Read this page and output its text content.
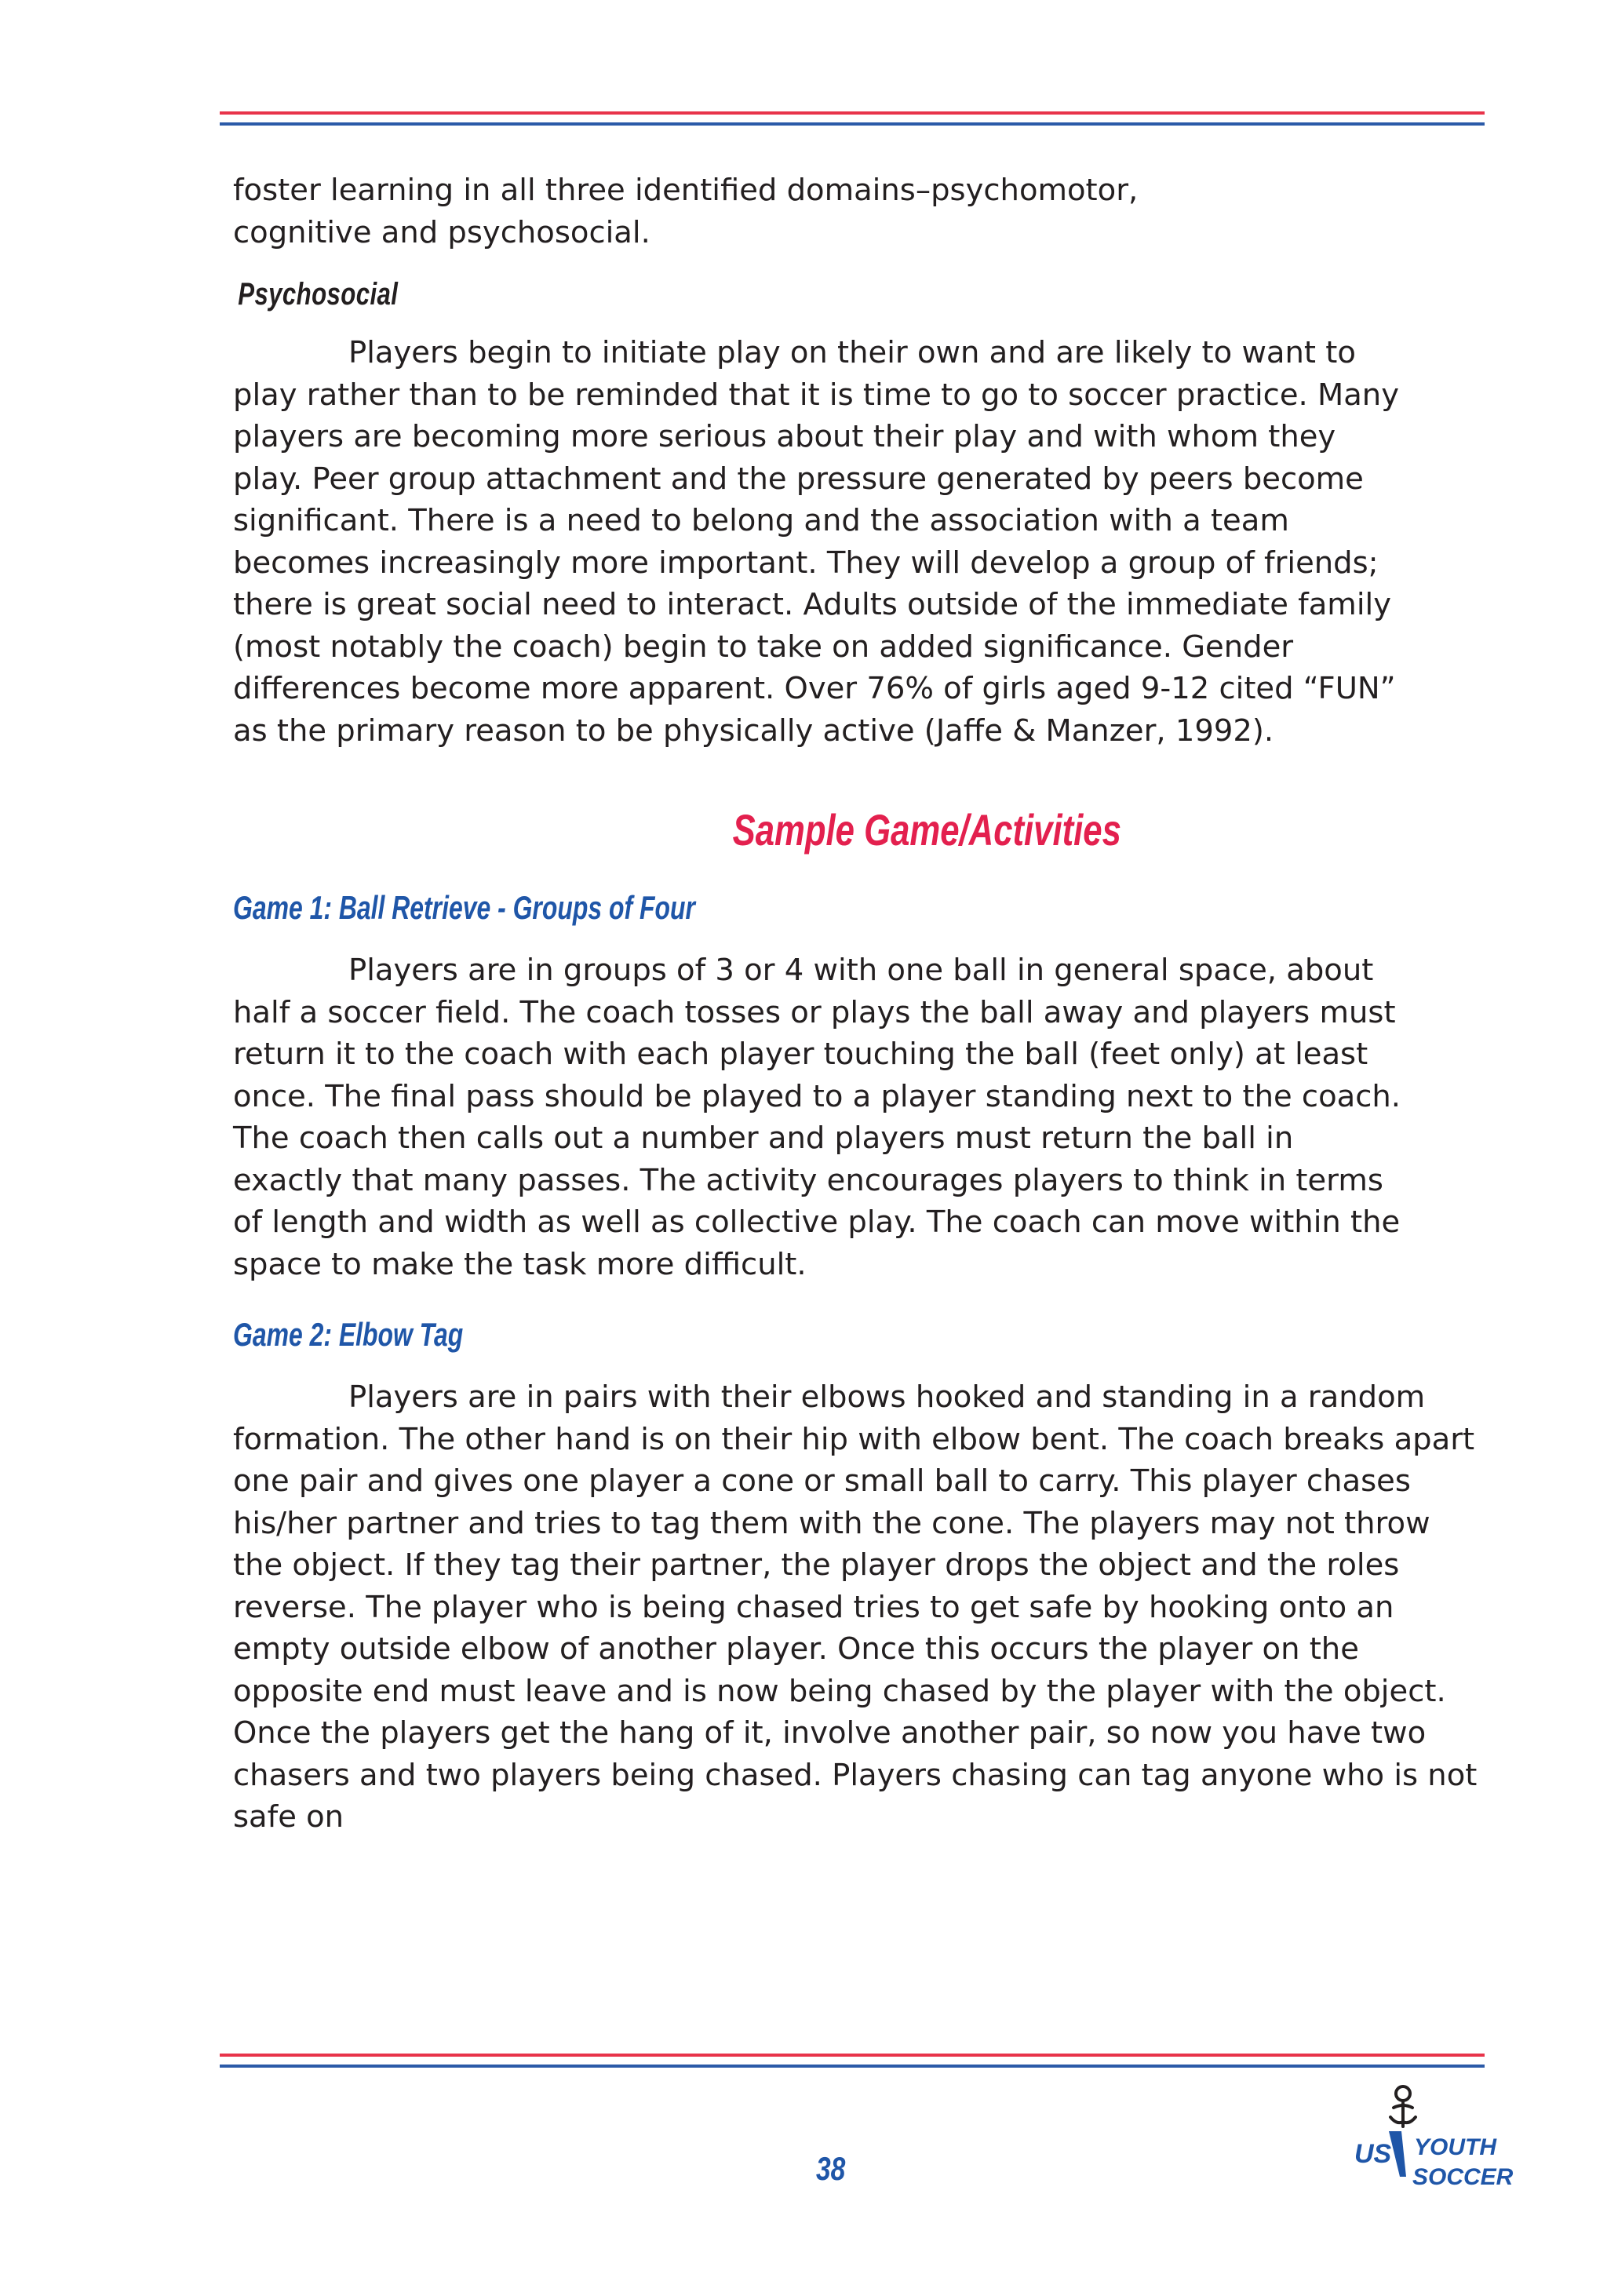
foster learning in all three identified domains–psychomotor, cognitive and psychosocial.

Psychosocial

Players begin to initiate play on their own and are likely to want to play rather than to be reminded that it is time to go to soccer practice. Many players are becoming more serious about their play and with whom they play. Peer group attachment and the pressure generated by peers become significant. There is a need to belong and the association with a team becomes increasingly more important. They will develop a group of friends; there is great social need to interact. Adults outside of the immediate family (most notably the coach) begin to take on added significance. Gender differences become more apparent. Over 76% of girls aged 9-12 cited “FUN” as the primary reason to be physically active (Jaffe & Manzer, 1992).

Sample Game/Activities
Game 1: Ball Retrieve - Groups of Four

Players are in groups of 3 or 4 with one ball in general space, about half a soccer field. The coach tosses or plays the ball away and players must return it to the coach with each player touching the ball (feet only) at least once. The final pass should be played to a player standing next to the coach. The coach then calls out a number and players must return the ball in exactly that many passes. The activity encourages players to think in terms of length and width as well as collective play. The coach can move within the space to make the task more difficult.

Game 2: Elbow Tag

Players are in pairs with their elbows hooked and standing in a random formation. The other hand is on their hip with elbow bent. The coach breaks apart one pair and gives one player a cone or small ball to carry. This player chases his/her partner and tries to tag them with the cone. The players may not throw the object. If they tag their partner, the player drops the object and the roles reverse. The player who is being chased tries to get safe by hooking onto an empty outside elbow of another player. Once this occurs the player on the opposite end must leave and is now being chased by the player with the object.

Once the players get the hang of it, involve another pair, so now you have two chasers and two players being chased. Players chasing can tag anyone who is not safe on

38	US YOUTH
SOCCER
